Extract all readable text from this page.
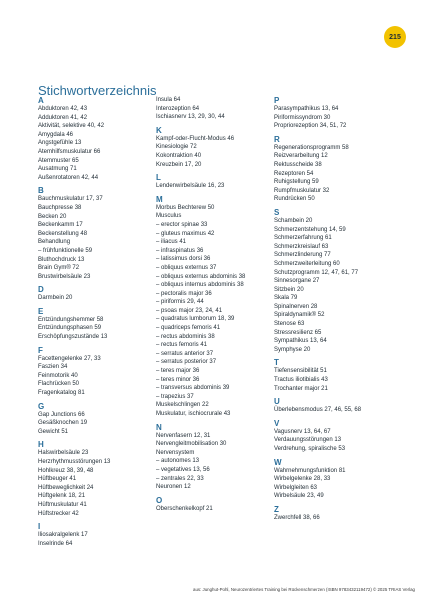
215
Stichwortverzeichnis
A
Abduktoren 42, 43
Adduktoren 41, 42
Aktivität, selektive 40, 42
Amygdala 46
Angstgefühle 13
Atemhilfsmuskulatur 66
Atemmuster 65
Ausatmung 71
Außenrotatoren 42, 44
B
Bauchmuskulatur 17, 37
Bauchpresse 38
Becken 20
Beckenkamm 17
Beckenstellung 48
Behandlung
– frühfunktionelle 59
Bluthochdruck 13
Brain Gym® 72
Brustwirbelsäule 23
D
Darmbein 20
E
Entzündungshemmer 58
Entzündungsphasen 59
Erschöpfungszustände 13
F
Facettengelenke 27, 33
Faszien 34
Feinmotorik 40
Flachrücken 50
Fragenkatalog 81
G
Gap Junctions 66
Gesäßknochen 19
Gewicht 51
H
Halswirbelsäule 23
Herzrhythmusstörungen 13
Hohlkreuz 38, 39, 48
Hüftbeuger 41
Hüftbeweglichkeit 24
Hüftgelenk 18, 21
Hüftmuskulatur 41
Hüftstrecker 42
I
Iliosakralgelenk 17
Inselrinde 64
Insula 64
Interozeption 64
Ischiasnerv 13, 29, 30, 44
K
Kampf-oder-Flucht-Modus 46
Kinesiologie 72
Kokontraktion 40
Kreuzbein 17, 20
L
Lendenwirbelsäule 16, 23
M
Morbus Bechterew 50
Musculus
– erector spinae 33
– gluteus maximus 42
– iliacus 41
– infraspinatus 36
– latissimus dorsi 36
– obliquus externus 37
– obliquus externus abdominis 38
– obliquus internus abdominis 38
– pectoralis major 36
– piriformis 29, 44
– psoas major 23, 24, 41
– quadratus lumborum 18, 39
– quadriceps femoris 41
– rectus abdominis 38
– rectus femoris 41
– serratus anterior 37
– serratus posterior 37
– teres major 36
– teres minor 36
– transversus abdominis 39
– trapezius 37
Muskelschlingen 22
Muskulatur, ischiocrurale 43
N
Nervenfasern 12, 31
Nervengleitmobilisation 30
Nervensystem
– autonomes 13
– vegetatives 13, 56
– zentrales 22, 33
Neuronen 12
O
Oberschenkelkopf 21
P
Parasympathikus 13, 64
Piriformissyndrom 30
Propriorezeption 34, 51, 72
R
Regenerationsprogramm 58
Reizverarbeitung 12
Rektusscheide 38
Rezeptoren 54
Ruhigstellung 59
Rumpfmuskulatur 32
Rundrücken 50
S
Schambein 20
Schmerzentstehung 14, 59
Schmerzerfahrung 61
Schmerzkreislauf 63
Schmerzlinderung 77
Schmerzweiterleitung 60
Schutzprogramm 12, 47, 61, 77
Sinnesorgane 27
Sitzbein 20
Skala 79
Spinalnerven 28
Spiraldynamik® 52
Stenose 63
Stressresilienz 65
Sympathikus 13, 64
Symphyse 20
T
Tiefensensibilität 51
Tractus iliotibialis 43
Trochanter major 21
U
Überlebensmodus 27, 46, 55, 68
V
Vagusnerv 13, 64, 67
Verdauungsstörungen 13
Verdrehung, spiralische 53
W
Wahrnehmungsfunktion 81
Wirbelgelenke 28, 33
Wirbelgleiten 63
Wirbelsäule 23, 49
Z
Zwerchfell 38, 66
aus: Junghut-Pohl, Neurozentriertes Training bei Rückenschmerzen (ISBN 9783432119472) © 2025 TRIAS Verlag
